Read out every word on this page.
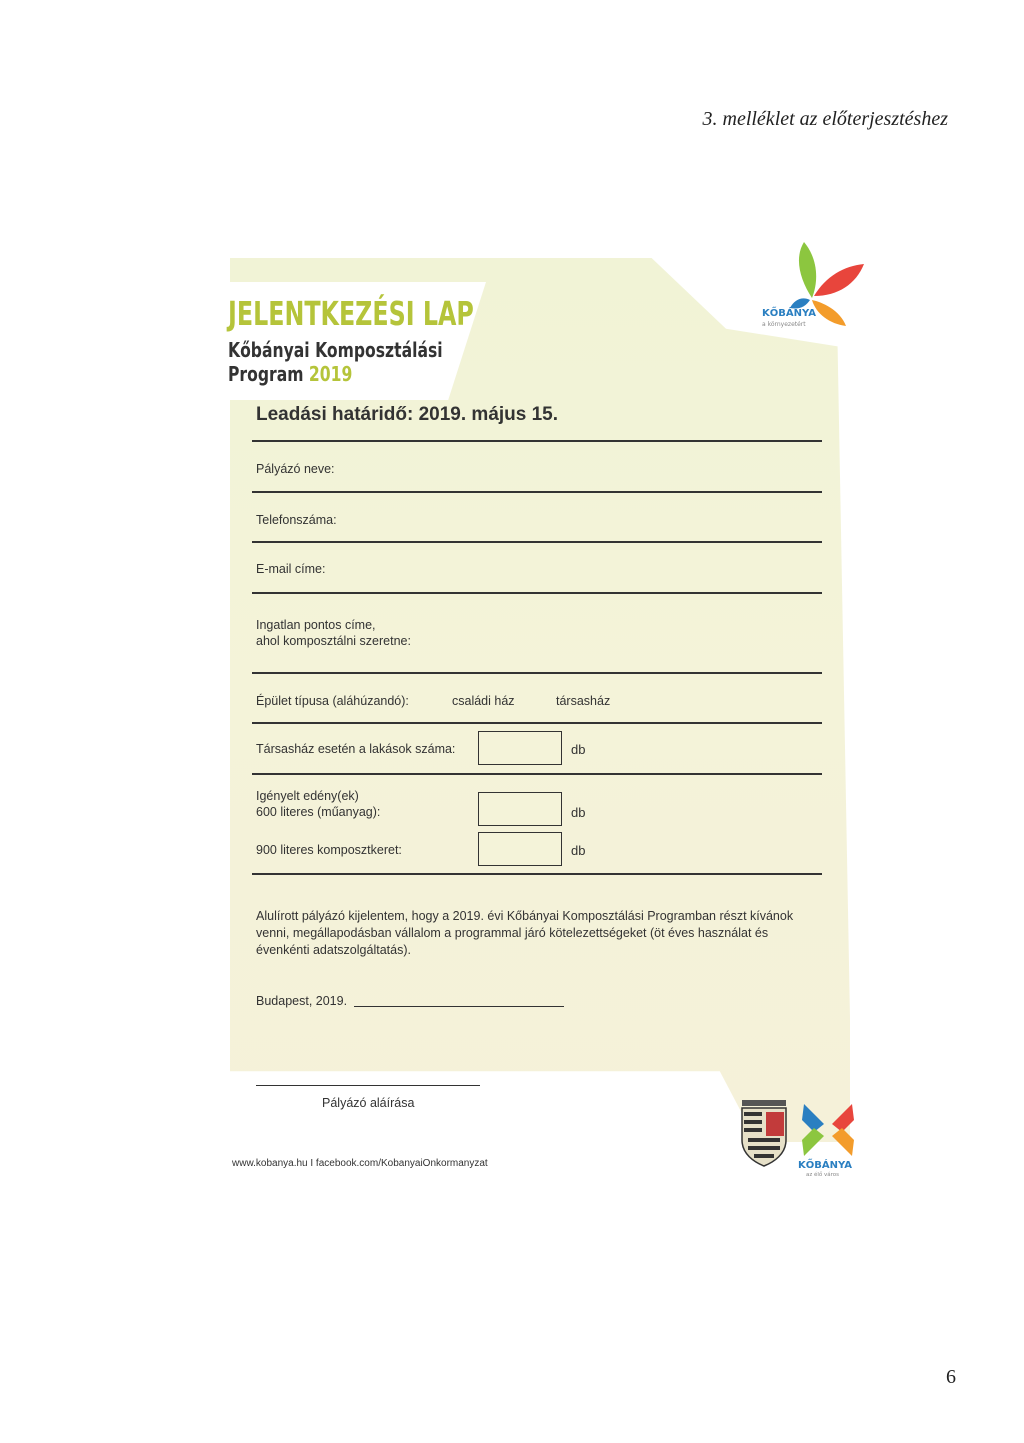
3. melléklet az előterjesztéshez
JELENTKEZÉSI LAP
Kőbányai Komposztálási
Program 2019
KŐBÁNYA
a környezetért
Leadási határidő: 2019. május 15.
Pályázó neve:
Telefonszáma:
E-mail címe:
Ingatlan pontos címe,
ahol komposztálni szeretne:
Épület típusa (aláhúzandó):	családi ház	társasház
Társasház esetén a lakások száma:	db
Igényelt edény(ek)
600 literes (műanyag):	db
900 literes komposztkeret:	db
Alulírott pályázó kijelentem, hogy a 2019. évi Kőbányai Komposztálási Programban részt kívánok venni, megállapodásban vállalom a programmal járó kötelezettségeket (öt éves használat és évenkénti adatszolgáltatás).
Budapest, 2019.
Pályázó aláírása
www.kobanya.hu I facebook.com/KobanyaiOnkormanyzat	KŐBÁNYA
az élő város
6
